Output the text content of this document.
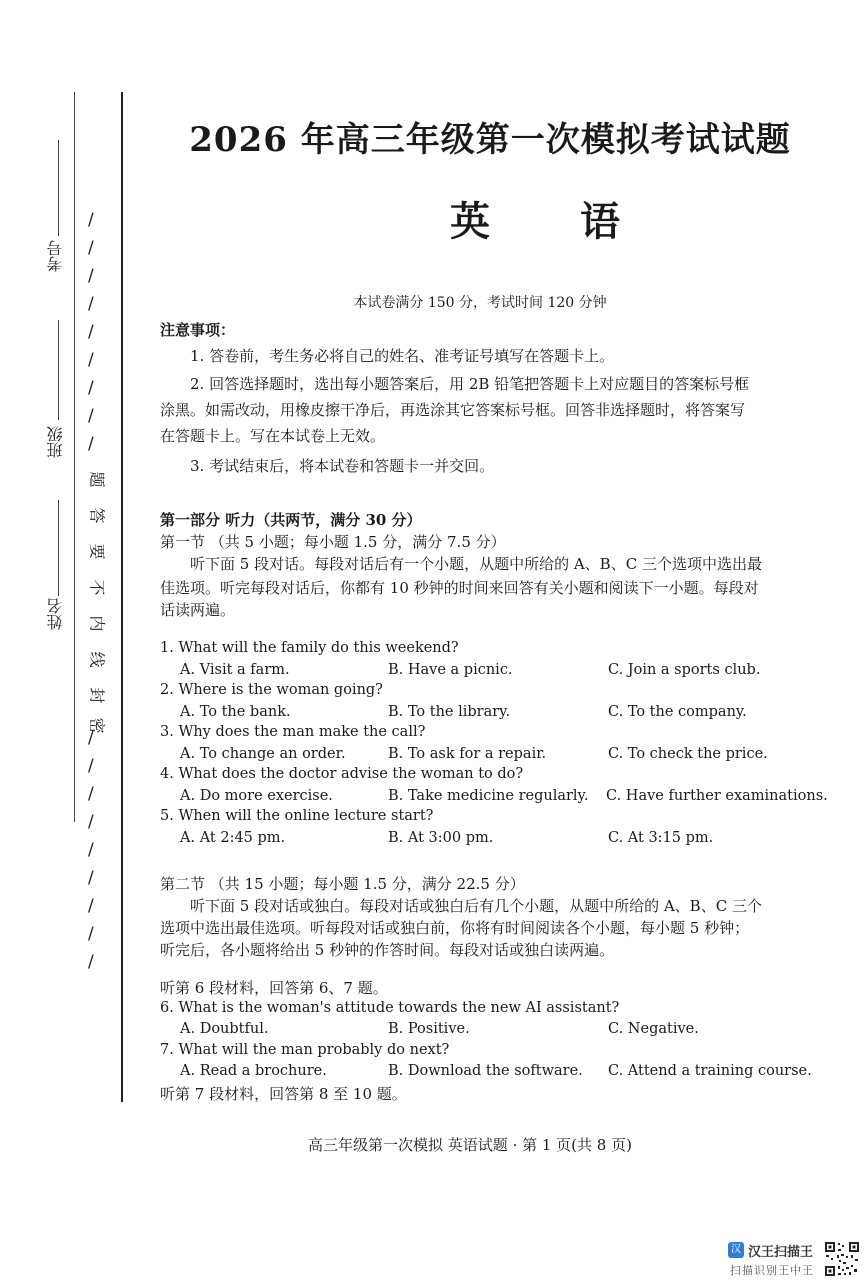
考号
班级
姓名
/
/
/
/
/
/
/
/
/
/
/
/
/
/
/
/
/
/
题
答
要
不
内
线
封
密
2026 年高三年级第一次模拟考试试题
英语
本试卷满分 150 分，考试时间 120 分钟
注意事项：
1. 答卷前，考生务必将自己的姓名、准考证号填写在答题卡上。
2. 回答选择题时，选出每小题答案后，用 2B 铅笔把答题卡上对应题目的答案标号框
涂黑。如需改动，用橡皮擦干净后，再选涂其它答案标号框。回答非选择题时，将答案写
在答题卡上。写在本试卷上无效。
3. 考试结束后，将本试卷和答题卡一并交回。
第一部分 听力（共两节，满分 30 分）
第一节 （共 5 小题；每小题 1.5 分，满分 7.5 分）
听下面 5 段对话。每段对话后有一个小题，从题中所给的 A、B、C 三个选项中选出最
佳选项。听完每段对话后，你都有 10 秒钟的时间来回答有关小题和阅读下一小题。每段对
话读两遍。
1. What will the family do this weekend?
A. Visit a farm.	B. Have a picnic.	C. Join a sports club.
2. Where is the woman going?
A. To the bank.	B. To the library.	C. To the company.
3. Why does the man make the call?
A. To change an order.	B. To ask for a repair.	C. To check the price.
4. What does the doctor advise the woman to do?
A. Do more exercise.	B. Take medicine regularly. C. Have further examinations.
5. When will the online lecture start?
A. At 2:45 pm.	B. At 3:00 pm.	C. At 3:15 pm.
第二节 （共 15 小题；每小题 1.5 分，满分 22.5 分）
听下面 5 段对话或独白。每段对话或独白后有几个小题，从题中所给的 A、B、C 三个
选项中选出最佳选项。听每段对话或独白前，你将有时间阅读各个小题，每小题 5 秒钟；
听完后，各小题将给出 5 秒钟的作答时间。每段对话或独白读两遍。
听第 6 段材料，回答第 6、7 题。
6. What is the woman's attitude towards the new AI assistant?
A. Doubtful.	B. Positive.	C. Negative.
7. What will the man probably do next?
A. Read a brochure.	B. Download the software. C. Attend a training course.
听第 7 段材料，回答第 8 至 10 题。
高三年级第一次模拟 英语试题 · 第 1 页(共 8 页)
汉 汉王扫描王
扫描识别王中王
